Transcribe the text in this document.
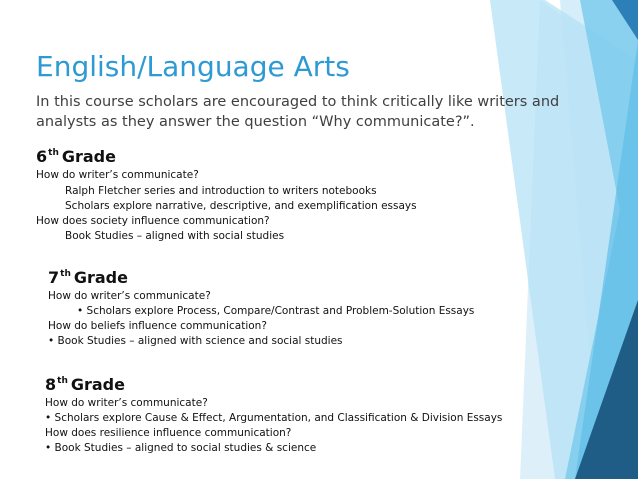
English/Language Arts
In this course scholars are encouraged to think critically like writers and analysts as they answer the question “Why communicate?”.
6th Grade
How do writer’s communicate?
Ralph Fletcher series and introduction to writers notebooks
Scholars explore narrative, descriptive, and exemplification essays
How does society influence communication?
Book Studies – aligned with social studies
7th Grade
How do writer’s communicate?
• Scholars explore Process, Compare/Contrast and Problem-Solution Essays
How do beliefs influence communication?
• Book Studies – aligned with science and social studies
8th Grade
How do writer’s communicate?
• Scholars explore Cause & Effect, Argumentation, and Classification & Division Essays
How does resilience influence communication?
• Book Studies – aligned to social studies & science
